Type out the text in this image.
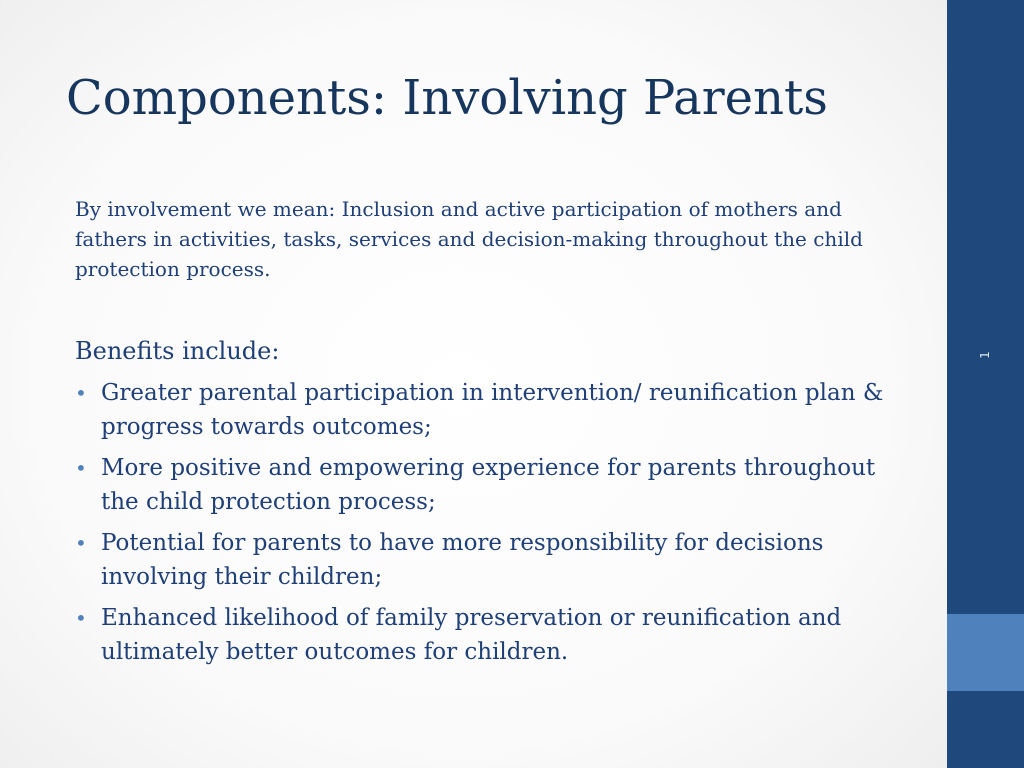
Components: Involving Parents

By involvement we mean: Inclusion and active participation of mothers and fathers in activities, tasks, services and decision-making throughout the child protection process.

Benefits include:

• Greater parental participation in intervention/ reunification plan & progress towards outcomes;
• More positive and empowering experience for parents throughout the child protection process;
• Potential for parents to have more responsibility for decisions involving their children;
• Enhanced likelihood of family preservation or reunification and ultimately better outcomes for children.
1
